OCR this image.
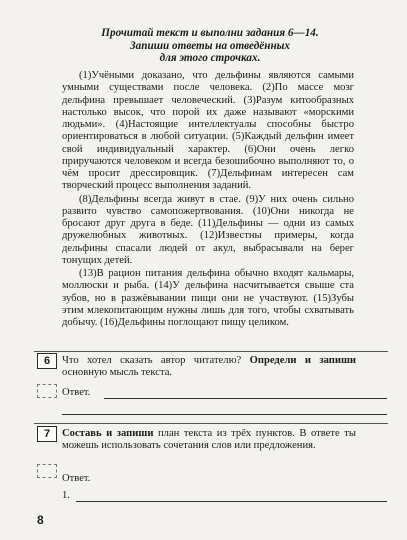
Прочитай текст и выполни задания 6—14.
Запиши ответы на отведённых
для этого строчках.

(1)Учёными доказано, что дельфины являются самыми умными существами после человека. (2)По массе мозг дельфина превышает человеческий. (3)Разум китообразных настолько высок, что порой их даже называют «морскими людьми». (4)Настоящие интеллектуалы способны быстро ориентироваться в любой ситуации. (5)Каждый дельфин имеет свой индивидуальный характер. (6)Они очень легко приручаются человеком и всегда безошибочно выполняют то, о чём просит дрессировщик. (7)Дельфинам интересен сам творческий процесс выполнения заданий.

(8)Дельфины всегда живут в стае. (9)У них очень сильно развито чувство самопожертвования. (10)Они никогда не бросают друг друга в беде. (11)Дельфины — одни из самых дружелюбных животных. (12)Известны примеры, когда дельфины спасали людей от акул, выбрасывали на берег тонущих детей.

(13)В рацион питания дельфина обычно входят кальмары, моллюски и рыба. (14)У дельфина насчитывается свыше ста зубов, но в разжёвывании пищи они не участвуют. (15)Зубы этим млекопитающим нужны лишь для того, чтобы схватывать добычу. (16)Дельфины поглощают пищу целиком.

6	Что хотел сказать автор читателю? Определи и запиши основную мысль текста.
Ответ.
7	Составь и запиши план текста из трёх пунктов. В ответе ты можешь использовать сочетания слов или предложения.
Ответ.
1.
8
